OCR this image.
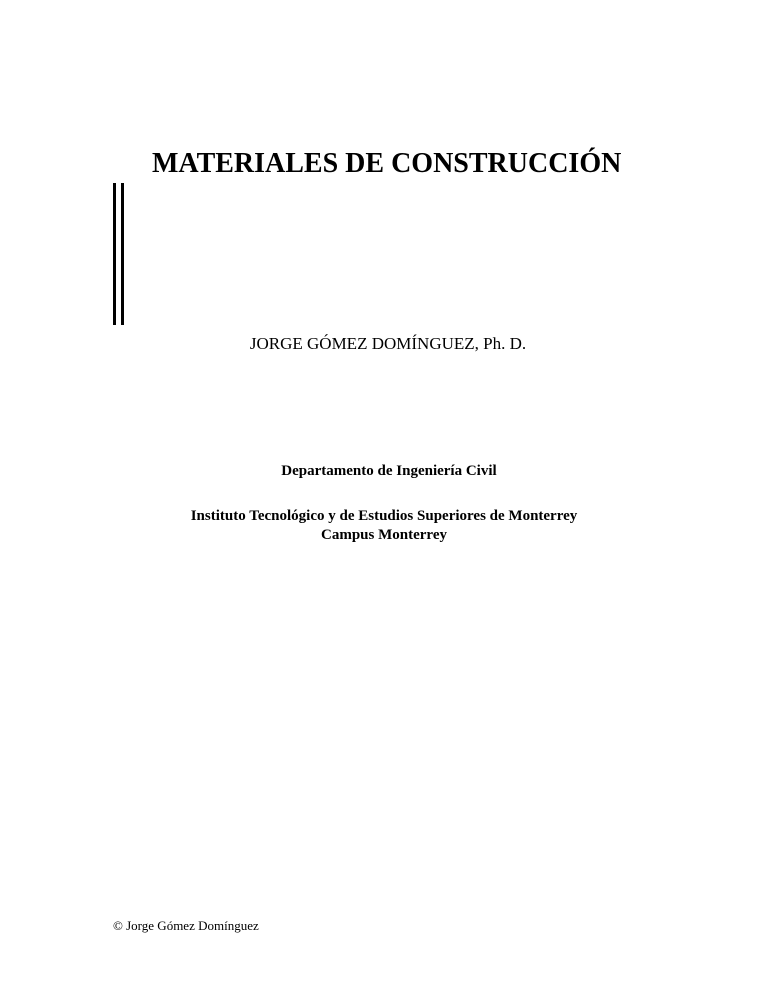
MATERIALES DE CONSTRUCCIÓN
JORGE GÓMEZ DOMÍNGUEZ, Ph. D.
Departamento de Ingeniería Civil
Instituto Tecnológico y de Estudios Superiores de Monterrey
Campus Monterrey
© Jorge Gómez Domínguez
